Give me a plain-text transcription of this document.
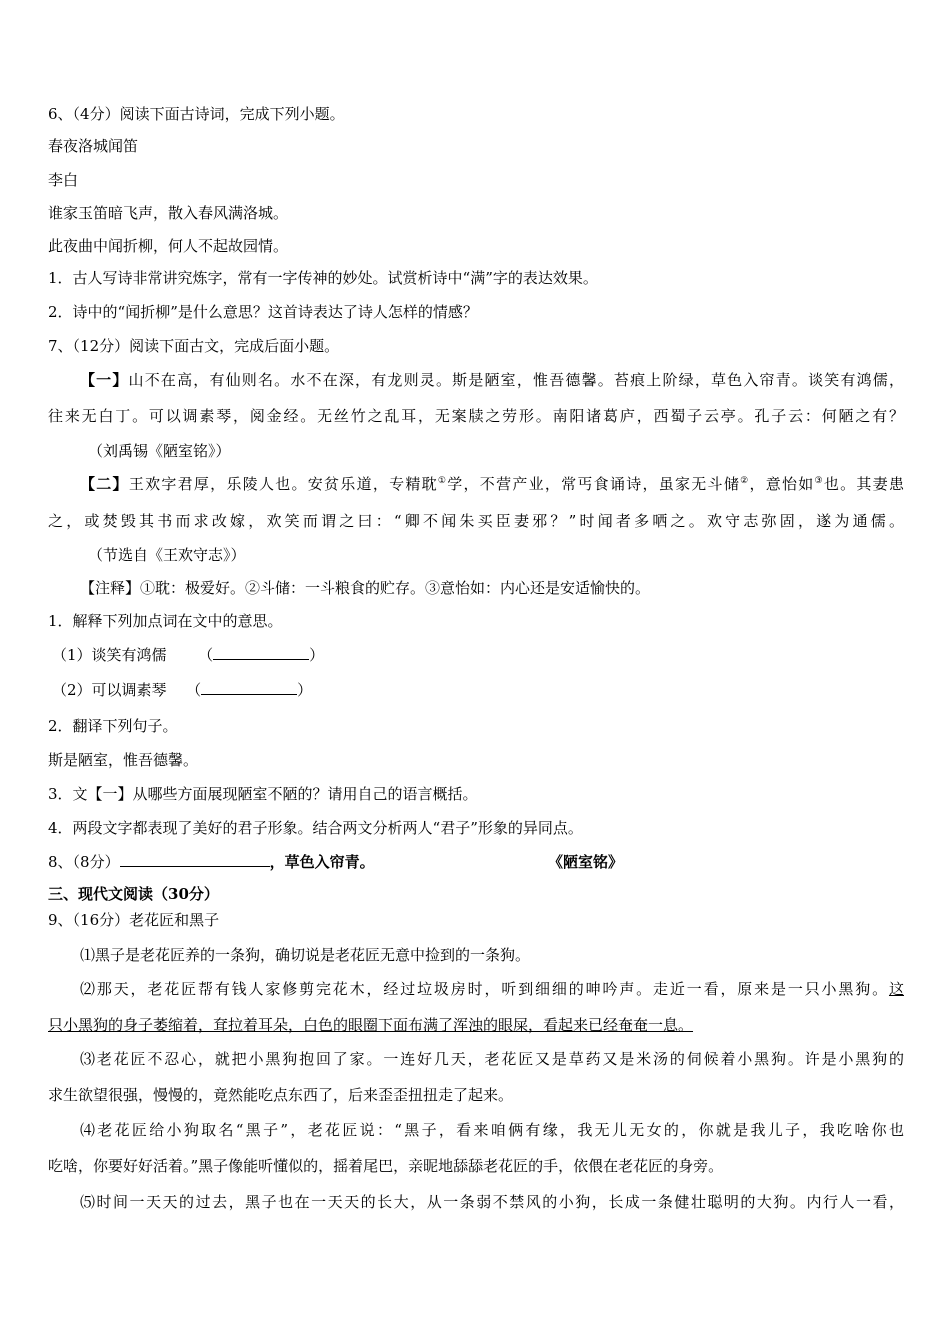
6、（4分）阅读下面古诗词，完成下列小题。
春夜洛城闻笛
李白
谁家玉笛暗飞声，散入春风满洛城。
此夜曲中闻折柳，何人不起故园情。
1．古人写诗非常讲究炼字，常有一字传神的妙处。试赏析诗中“满”字的表达效果。
2．诗中的“闻折柳”是什么意思？这首诗表达了诗人怎样的情感？
7、（12分）阅读下面古文，完成后面小题。
【一】山不在高，有仙则名。水不在深，有龙则灵。斯是陋室，惟吾德馨。苔痕上阶绿，草色入帘青。谈笑有鸿儒，
往来无白丁。可以调素琴，阅金经。无丝竹之乱耳，无案牍之劳形。南阳诸葛庐，西蜀子云亭。孔子云：何陋之有？
（刘禹锡《陋室铭》）
【二】王欢字君厚，乐陵人也。安贫乐道，专精耽①学，不营产业，常丐食诵诗，虽家无斗储②，意怡如③也。其妻患
之，或焚毁其书而求改嫁，欢笑而谓之曰：“卿不闻朱买臣妻邪？”时闻者多哂之。欢守志弥固，遂为通儒。
（节选自《王欢守志》）
【注释】①耽：极爱好。②斗储：一斗粮食的贮存。③意怡如：内心还是安适愉快的。
1．解释下列加点词在文中的意思。
（1）谈笑有鸿儒 （	）
（2）可以调素琴 （	）
2．翻译下列句子。
斯是陋室，惟吾德馨。
3．文【一】从哪些方面展现陋室不陋的？请用自己的语言概括。
4．两段文字都表现了美好的君子形象。结合两文分析两人“君子”形象的异同点。
8、（8分）	，草色入帘青。	《陋室铭》
三、现代文阅读（30分）
9、（16分）老花匠和黑子
⑴黑子是老花匠养的一条狗，确切说是老花匠无意中捡到的一条狗。
⑵那天，老花匠帮有钱人家修剪完花木，经过垃圾房时，听到细细的呻吟声。走近一看，原来是一只小黑狗。这
只小黑狗的身子萎缩着，耷拉着耳朵，白色的眼圈下面布满了浑浊的眼屎，看起来已经奄奄一息。
⑶老花匠不忍心，就把小黑狗抱回了家。一连好几天，老花匠又是草药又是米汤的伺候着小黑狗。许是小黑狗的
求生欲望很强，慢慢的，竟然能吃点东西了，后来歪歪扭扭走了起来。
⑷老花匠给小狗取名“黑子”，老花匠说：“黑子，看来咱俩有缘，我无儿无女的，你就是我儿子，我吃啥你也
吃啥，你要好好活着。”黑子像能听懂似的，摇着尾巴，亲昵地舔舔老花匠的手，依偎在老花匠的身旁。
⑸时间一天天的过去，黑子也在一天天的长大，从一条弱不禁风的小狗，长成一条健壮聪明的大狗。内行人一看，
